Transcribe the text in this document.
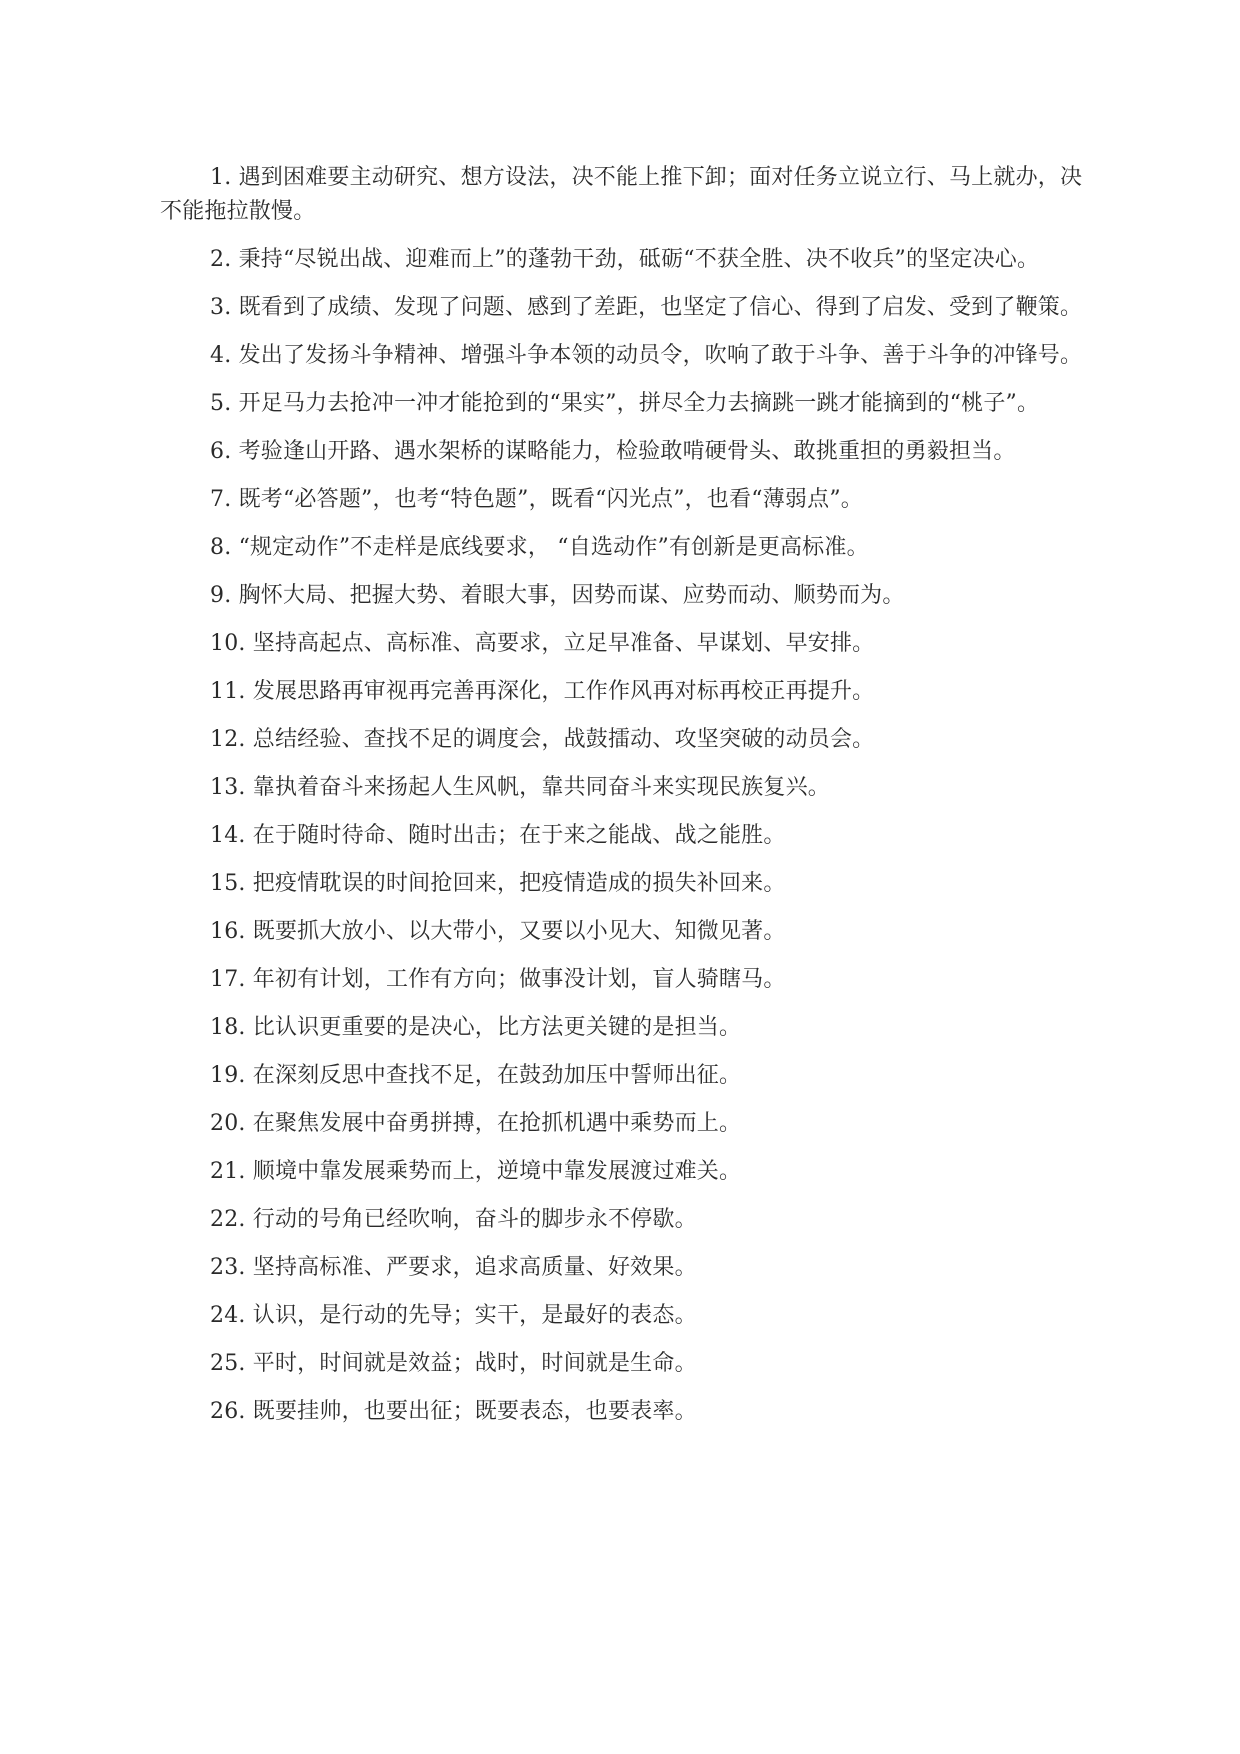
1. 遇到困难要主动研究、想方设法，决不能上推下卸；面对任务立说立行、马上就办，决不能拖拉散慢。

2. 秉持“尽锐出战、迎难而上”的蓬勃干劲，砥砺“不获全胜、决不收兵”的坚定决心。

3. 既看到了成绩、发现了问题、感到了差距，也坚定了信心、得到了启发、受到了鞭策。

4. 发出了发扬斗争精神、增强斗争本领的动员令，吹响了敢于斗争、善于斗争的冲锋号。

5. 开足马力去抢冲一冲才能抢到的“果实”，拼尽全力去摘跳一跳才能摘到的“桃子”。

6. 考验逢山开路、遇水架桥的谋略能力，检验敢啃硬骨头、敢挑重担的勇毅担当。

7. 既考“必答题”，也考“特色题”，既看“闪光点”，也看“薄弱点”。

8. “规定动作”不走样是底线要求， “自选动作”有创新是更高标准。

9. 胸怀大局、把握大势、着眼大事，因势而谋、应势而动、顺势而为。

10. 坚持高起点、高标准、高要求，立足早准备、早谋划、早安排。

11. 发展思路再审视再完善再深化，工作作风再对标再校正再提升。

12. 总结经验、查找不足的调度会，战鼓擂动、攻坚突破的动员会。

13. 靠执着奋斗来扬起人生风帆，靠共同奋斗来实现民族复兴。

14. 在于随时待命、随时出击；在于来之能战、战之能胜。

15. 把疫情耽误的时间抢回来，把疫情造成的损失补回来。

16. 既要抓大放小、以大带小，又要以小见大、知微见著。

17. 年初有计划，工作有方向；做事没计划，盲人骑瞎马。

18. 比认识更重要的是决心，比方法更关键的是担当。

19. 在深刻反思中查找不足，在鼓劲加压中誓师出征。

20. 在聚焦发展中奋勇拼搏，在抢抓机遇中乘势而上。

21. 顺境中靠发展乘势而上，逆境中靠发展渡过难关。

22. 行动的号角已经吹响，奋斗的脚步永不停歇。

23. 坚持高标准、严要求，追求高质量、好效果。

24. 认识，是行动的先导；实干，是最好的表态。

25. 平时，时间就是效益；战时，时间就是生命。

26. 既要挂帅，也要出征；既要表态，也要表率。
